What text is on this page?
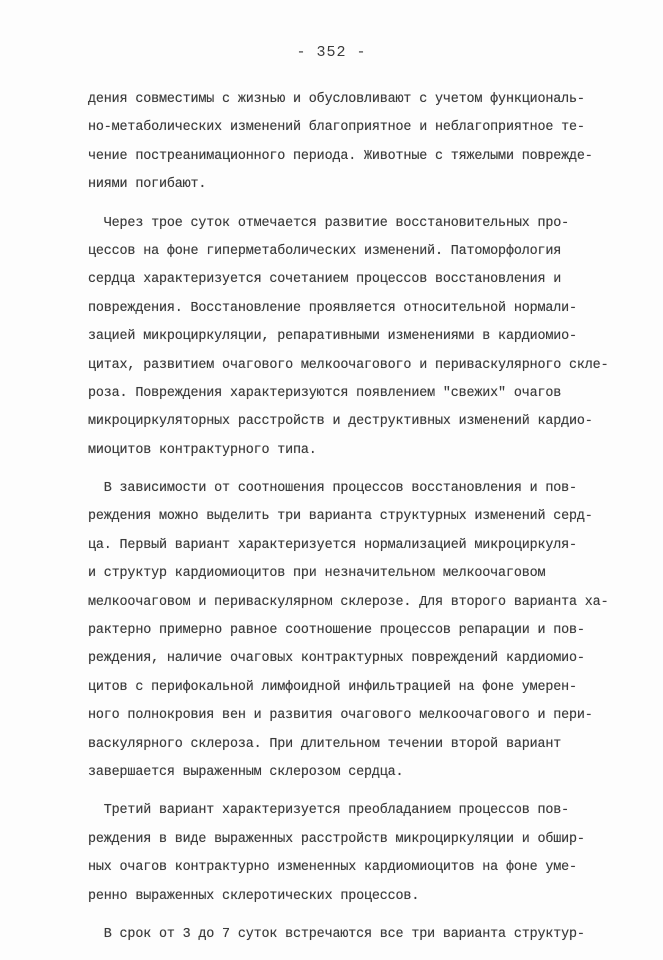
- 352 -
дения совместимы с жизнью и обусловливают с учетом функциональ-
но-метаболических изменений благоприятное и неблагоприятное те-
чение постреанимационного периода. Животные с тяжелыми поврежде-
ниями погибают.
Через трое суток отмечается развитие восстановительных про-
цессов на фоне гиперметаболических изменений. Патоморфология
сердца характеризуется сочетанием процессов восстановления и
повреждения. Восстановление проявляется относительной нормали-
зацией микроциркуляции, репаративными изменениями в кардиомио-
цитах, развитием очагового мелкоочагового и периваскулярного скле-
роза. Повреждения характеризуются появлением "свежих" очагов
микроциркуляторных расстройств и деструктивных изменений кардио-
миоцитов контрактурного типа.
В зависимости от соотношения процессов восстановления и пов-
реждения можно выделить три варианта структурных изменений серд-
ца. Первый вариант характеризуется нормализацией микроциркуля-
и структур кардиомиоцитов при незначительном мелкоочаговом
мелкоочаговом и периваскулярном склерозе. Для второго варианта ха-
рактерно примерно равное соотношение процессов репарации и пов-
реждения, наличие очаговых контрактурных повреждений кардиомио-
цитов с перифокальной лимфоидной инфильтрацией на фоне умерен-
ного полнокровия вен и развития очагового мелкоочагового и пери-
васкулярного склероза. При длительном течении второй вариант
завершается выраженным склерозом сердца.
Третий вариант характеризуется преобладанием процессов пов-
реждения в виде выраженных расстройств микроциркуляции и обшир-
ных очагов контрактурно измененных кардиомиоцитов на фоне уме-
ренно выраженных склеротических процессов.
В срок от 3 до 7 суток встречаются все три варианта структур-
